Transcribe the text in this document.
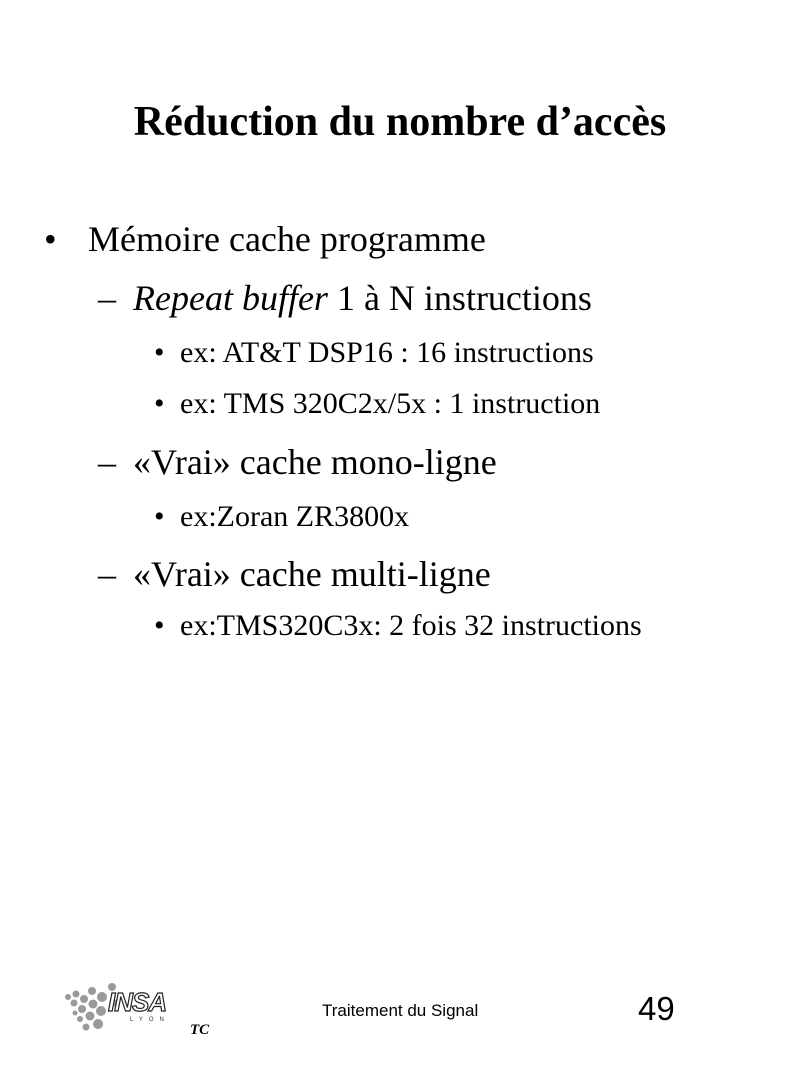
Réduction du nombre d’accès
• Mémoire cache programme
– Repeat buffer 1 à N instructions
• ex: AT&T DSP16 : 16 instructions
• ex: TMS 320C2x/5x : 1 instruction
– «Vrai» cache mono-ligne
• ex:Zoran ZR3800x
– «Vrai» cache multi-ligne
• ex:TMS320C3x: 2 fois 32 instructions
INSA
LYON
TC
Traitement du Signal	49
